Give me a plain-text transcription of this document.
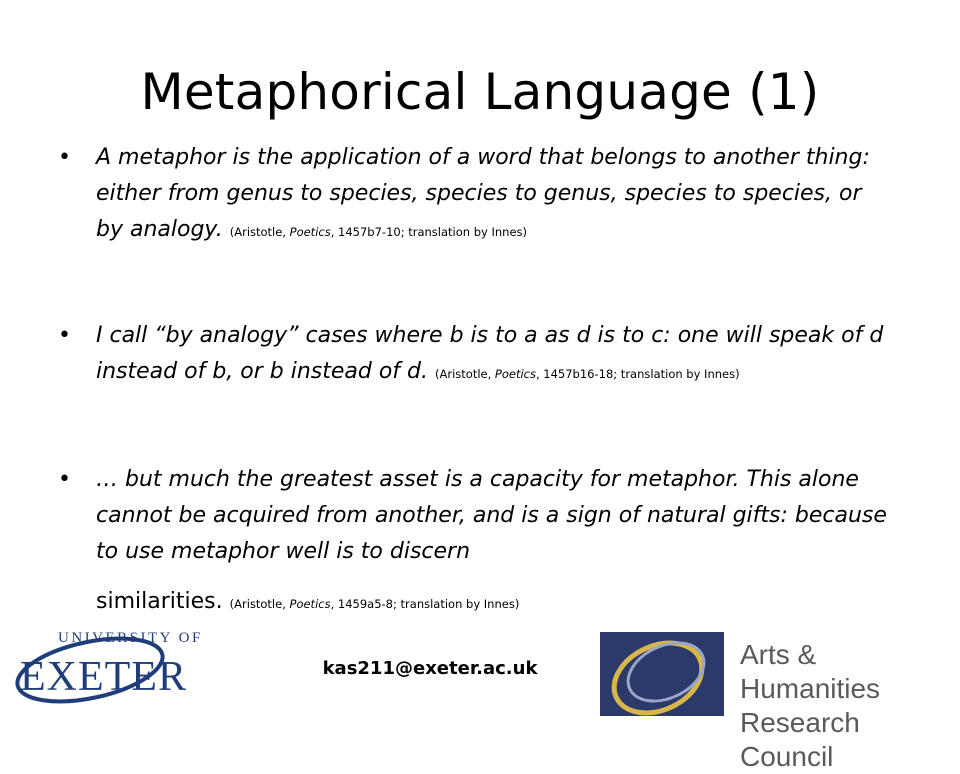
Metaphorical Language (1)
• A metaphor is the application of a word that belongs to another thing: either from genus to species, species to genus, species to species, or by analogy. (Aristotle, Poetics, 1457b7-10; translation by Innes)
• I call “by analogy” cases where b is to a as d is to c: one will speak of d instead of b, or b instead of d. (Aristotle, Poetics, 1457b16-18; translation by Innes)
• … but much the greatest asset is a capacity for metaphor. This alone cannot be acquired from another, and is a sign of natural gifts: because to use metaphor well is to discern
similarities. (Aristotle, Poetics, 1459a5-8; translation by Innes)
UNIVERSITY OF
EXETER	kas211@exeter.ac.uk	Arts & Humanities
Research Council
